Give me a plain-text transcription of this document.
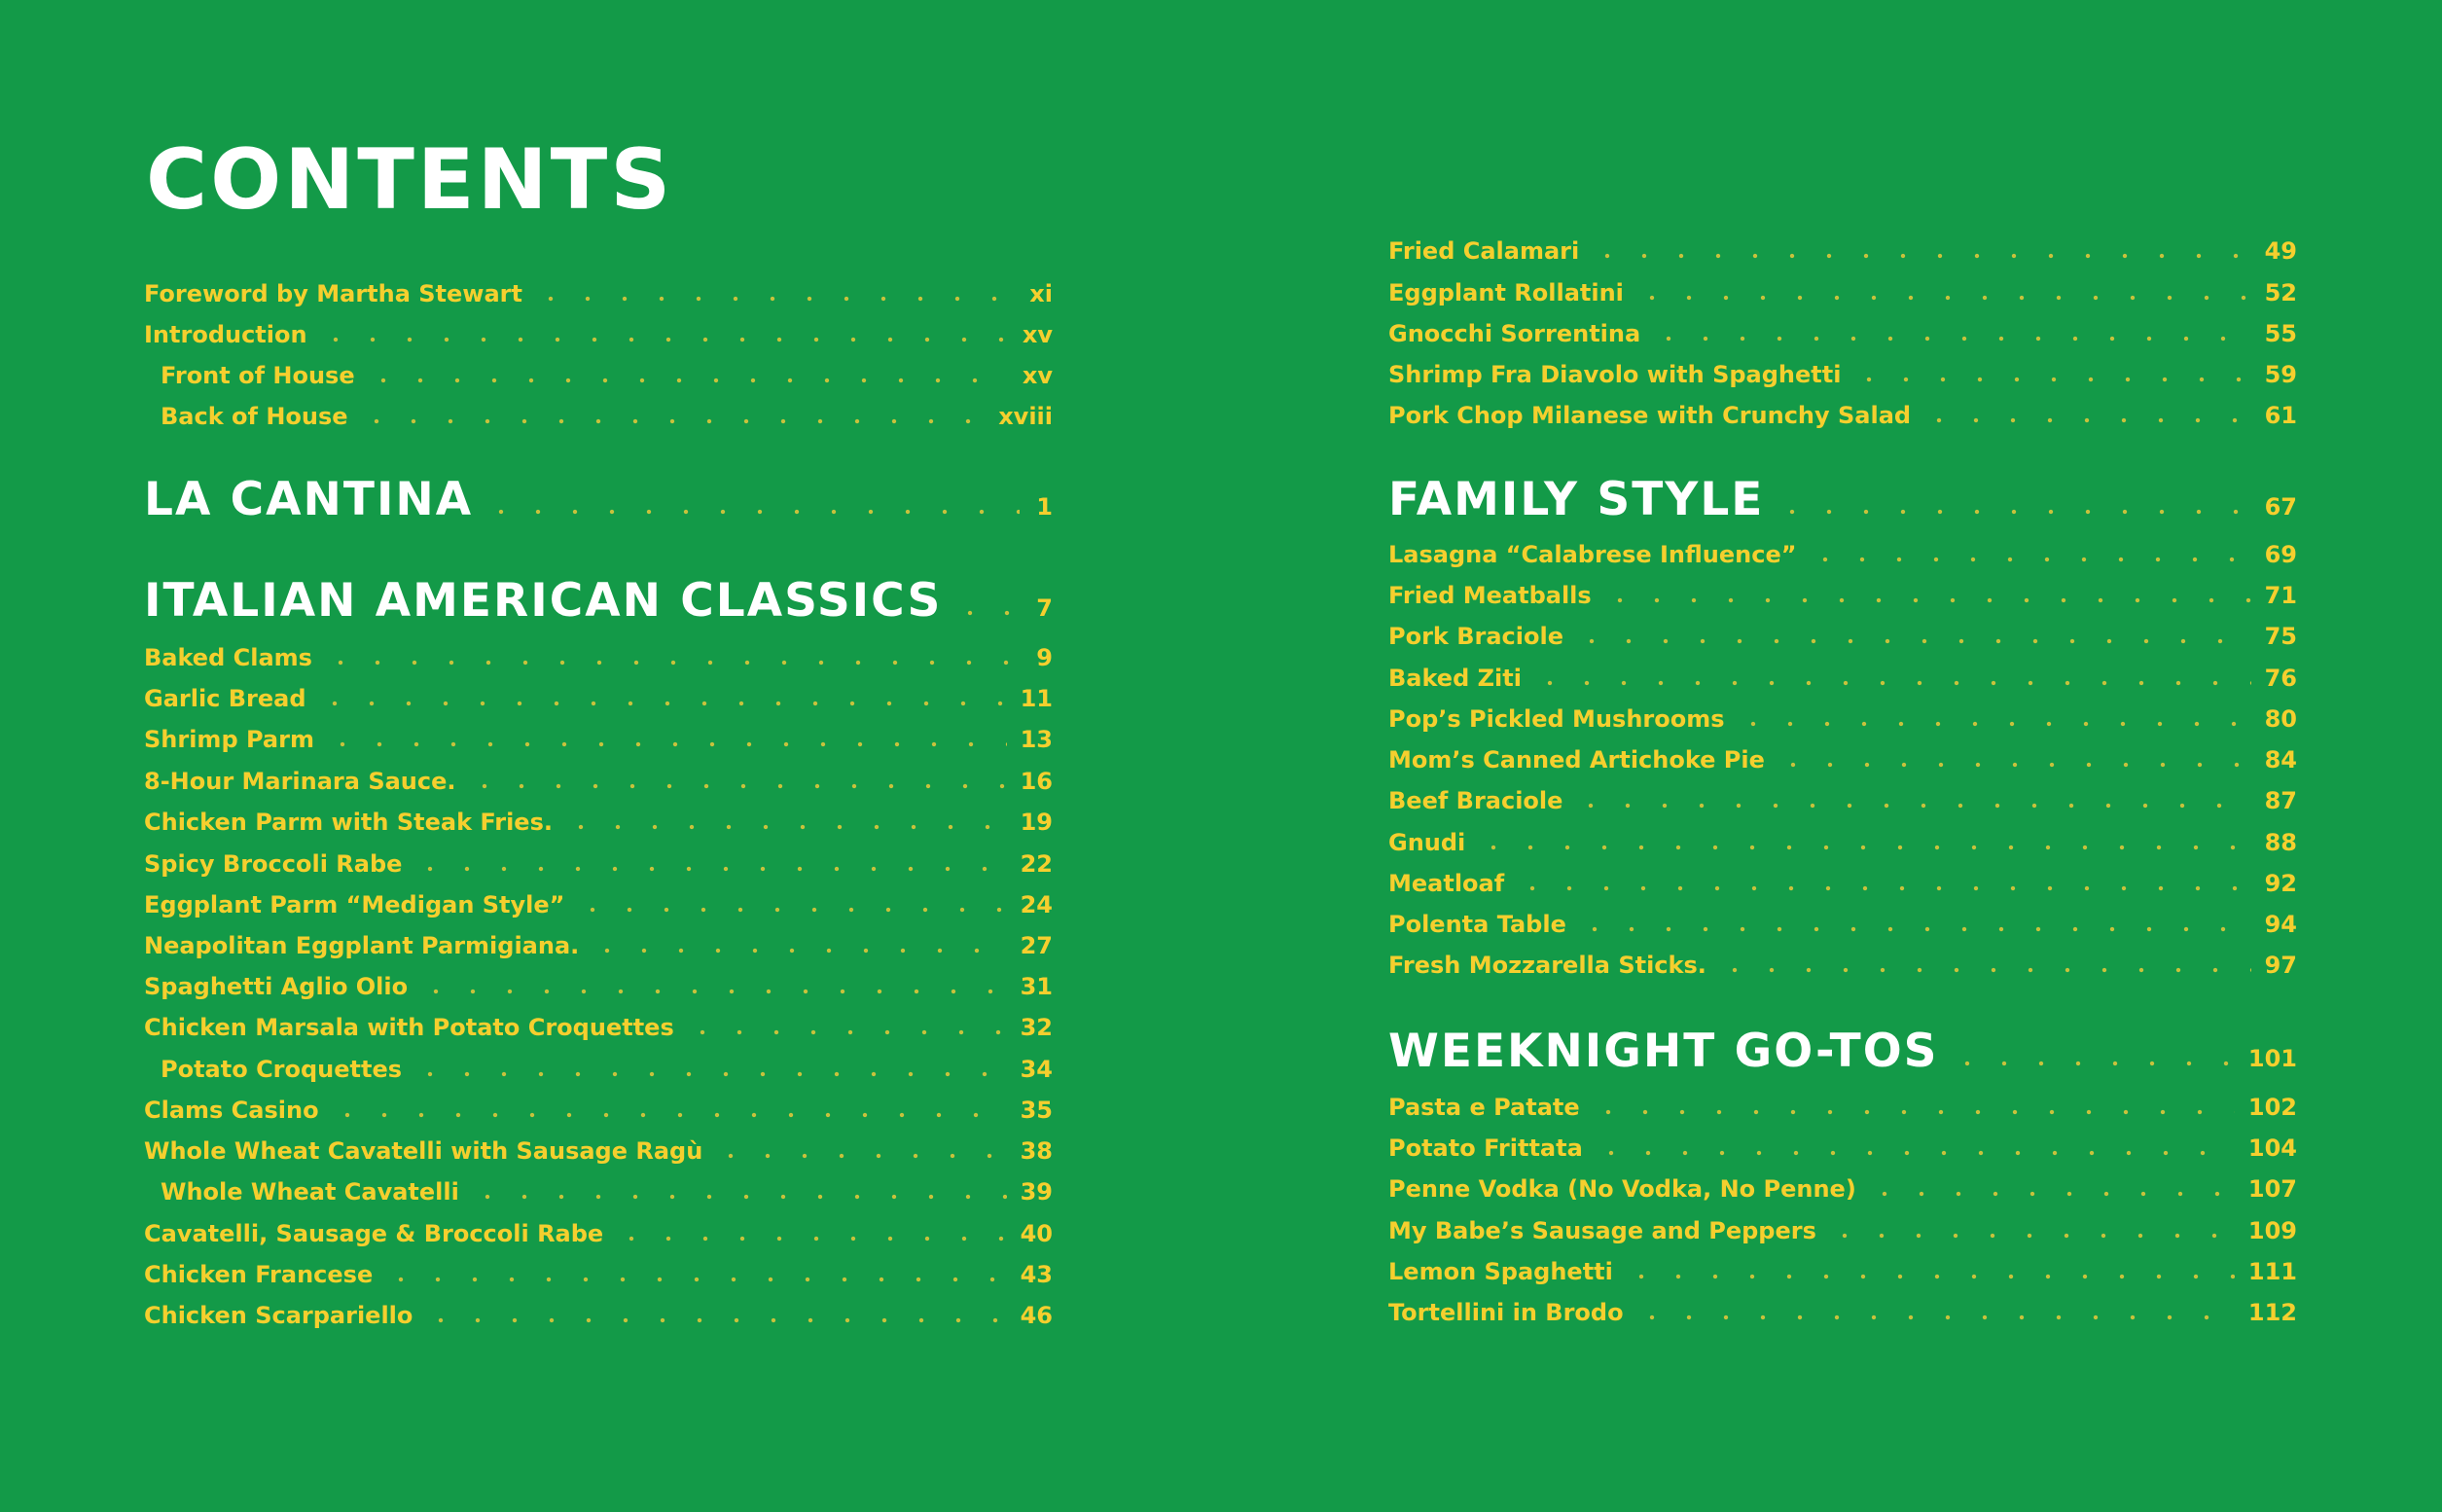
CONTENTS
Foreword by Martha Stewart	xi
Introduction	xv
Front of House	xv
Back of House	xviii
LA CANTINA	1
ITALIAN AMERICAN CLASSICS	7
Baked Clams	9
Garlic Bread	11
Shrimp Parm	13
8-Hour Marinara Sauce.	16
Chicken Parm with Steak Fries.	19
Spicy Broccoli Rabe	22
Eggplant Parm “Medigan Style”	24
Neapolitan Eggplant Parmigiana.	27
Spaghetti Aglio Olio	31
Chicken Marsala with Potato Croquettes	32
Potato Croquettes	34
Clams Casino	35
Whole Wheat Cavatelli with Sausage Ragù	38
Whole Wheat Cavatelli	39
Cavatelli, Sausage & Broccoli Rabe	40
Chicken Francese	43
Chicken Scarpariello	46
Fried Calamari	49
Eggplant Rollatini	52
Gnocchi Sorrentina	55
Shrimp Fra Diavolo with Spaghetti	59
Pork Chop Milanese with Crunchy Salad	61
FAMILY STYLE	67
Lasagna “Calabrese Influence”	69
Fried Meatballs	71
Pork Braciole	75
Baked Ziti	76
Pop’s Pickled Mushrooms	80
Mom’s Canned Artichoke Pie	84
Beef Braciole	87
Gnudi	88
Meatloaf	92
Polenta Table	94
Fresh Mozzarella Sticks.	97
WEEKNIGHT GO-TOS	101
Pasta e Patate	102
Potato Frittata	104
Penne Vodka (No Vodka, No Penne)	107
My Babe’s Sausage and Peppers	109
Lemon Spaghetti	111
Tortellini in Brodo	112
